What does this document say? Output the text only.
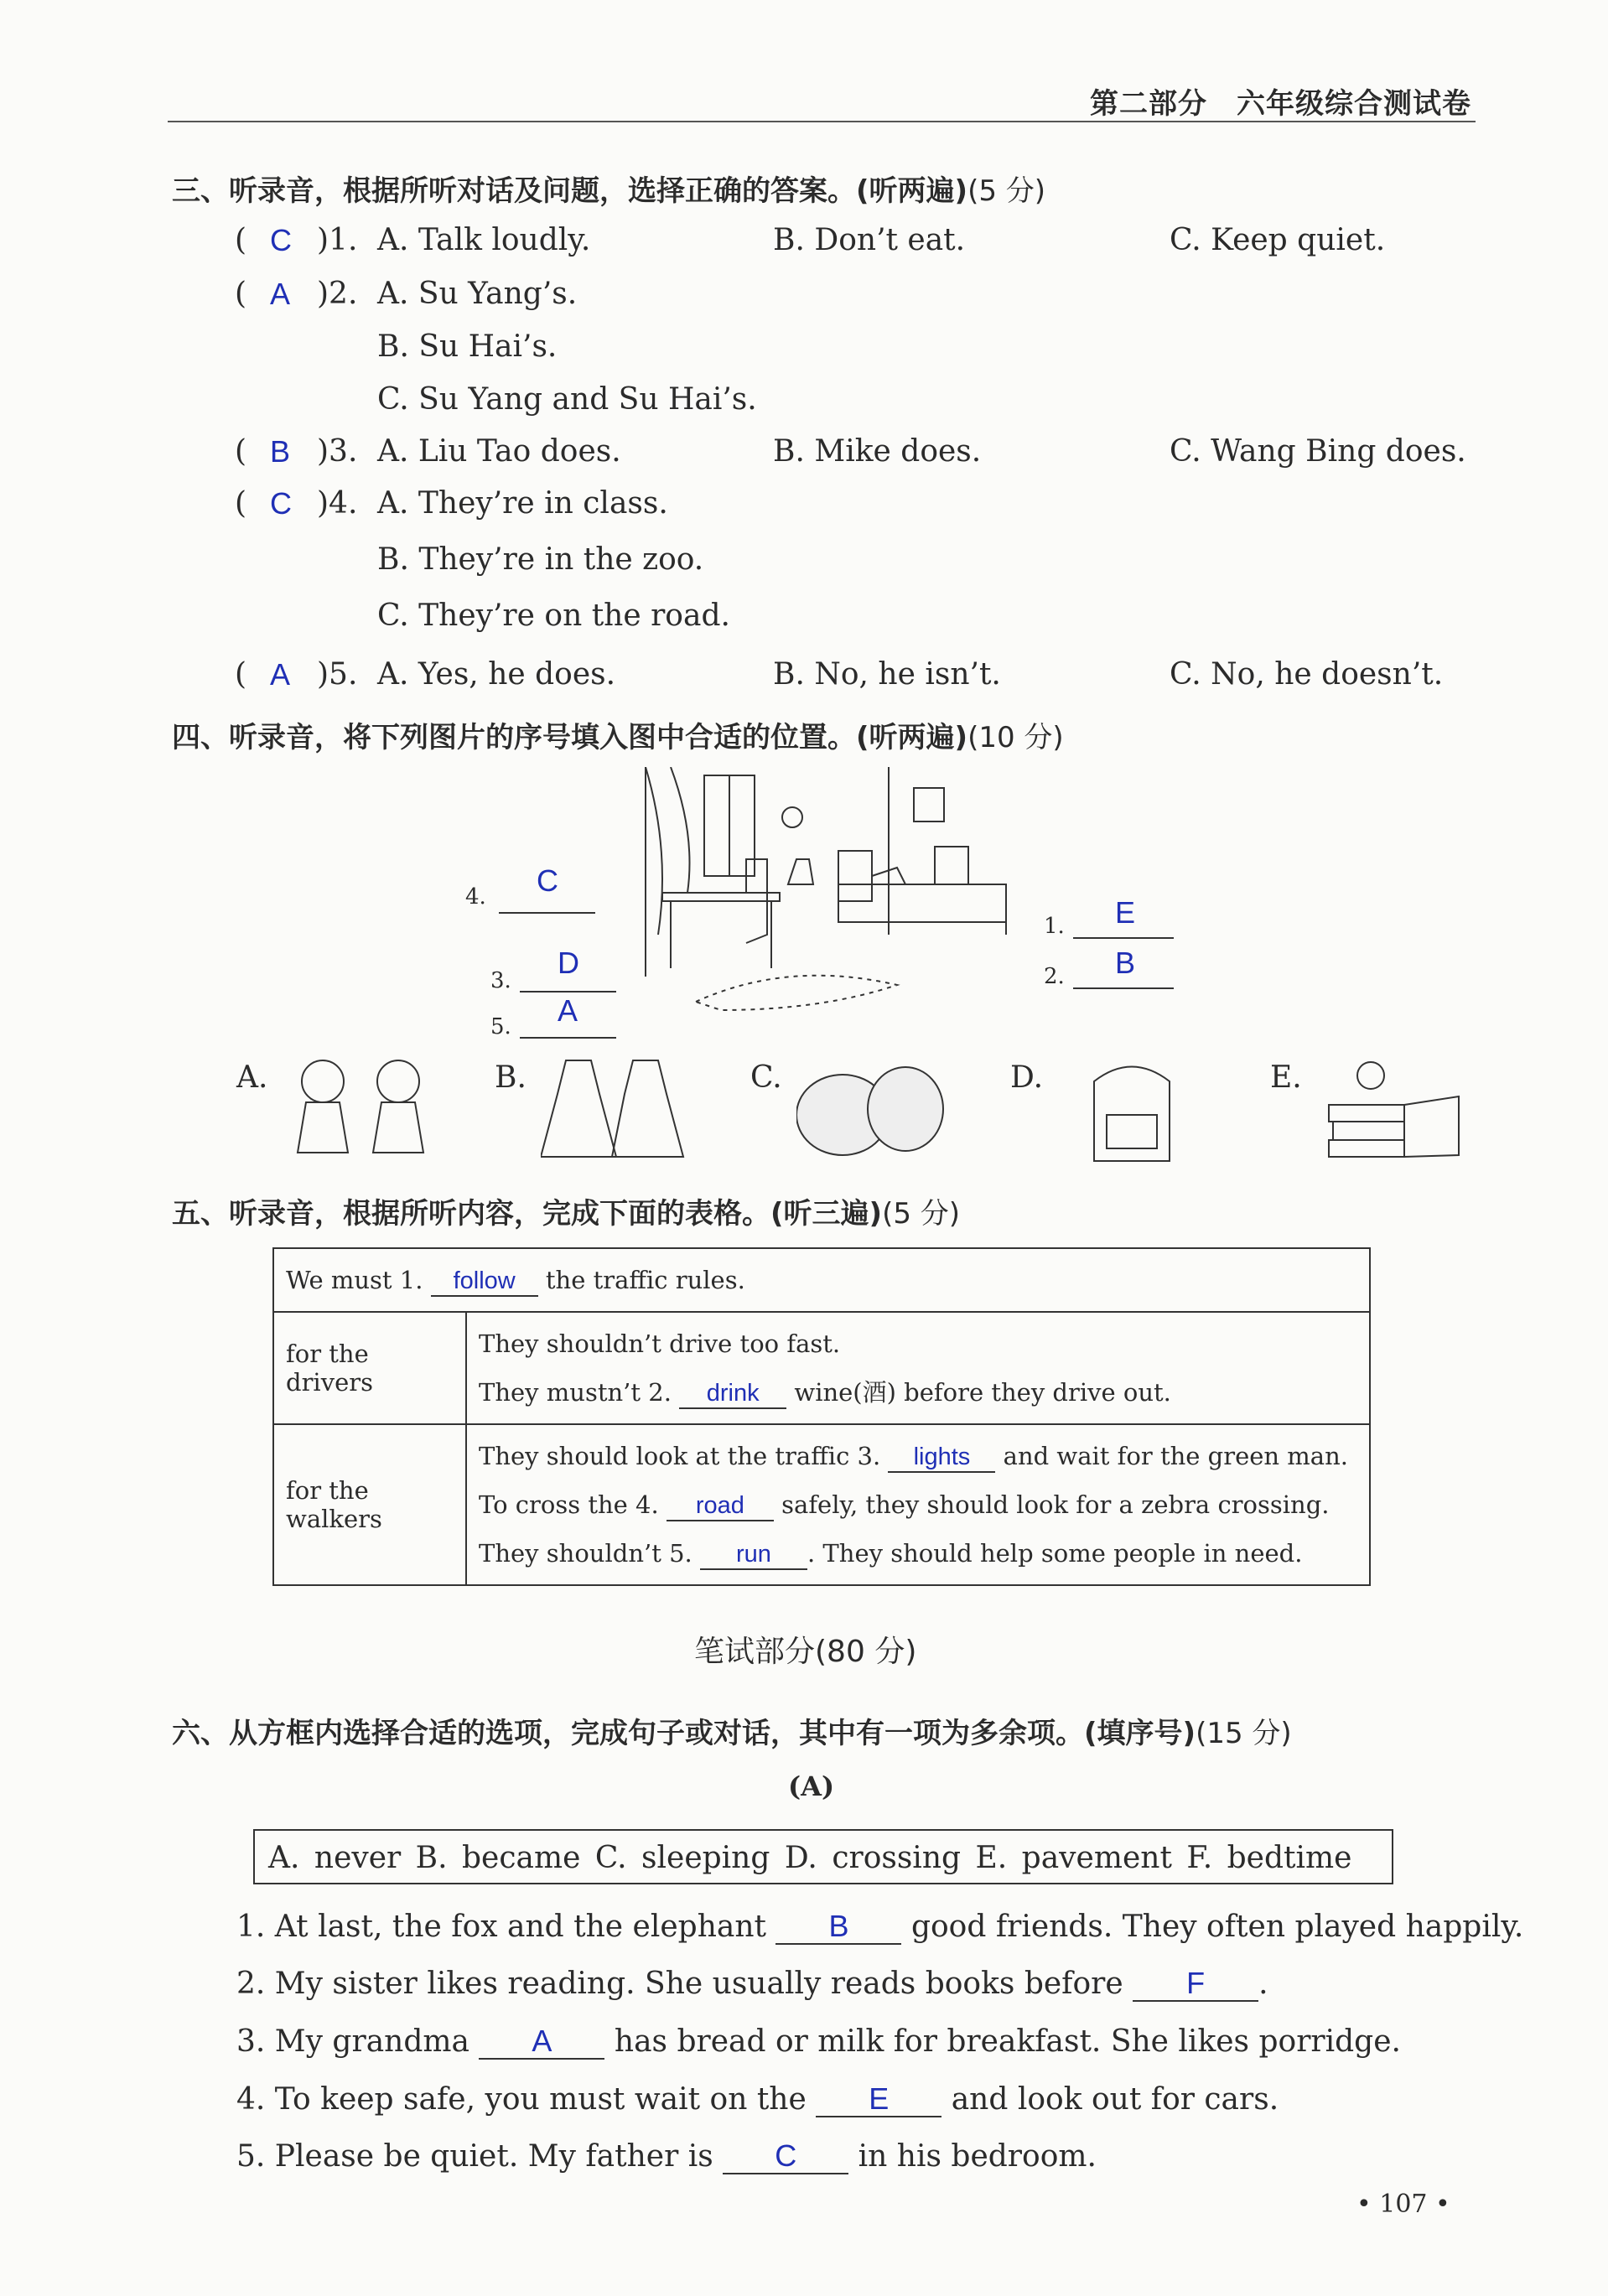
第二部分　六年级综合测试卷
三、听录音，根据所听对话及问题，选择正确的答案。(听两遍)(5 分)
( C )1. A. Talk loudly.	B. Don’t eat.	C. Keep quiet.
( A )2. A. Su Yang’s.
B. Su Hai’s.
C. Su Yang and Su Hai’s.
( B )3. A. Liu Tao does.	B. Mike does.	C. Wang Bing does.
( C )4. A. They’re in class.
B. They’re in the zoo.
C. They’re on the road.
( A )5. A. Yes, he does.	B. No, he isn’t.	C. No, he doesn’t.
四、听录音，将下列图片的序号填入图中合适的位置。(听两遍)(10 分)
4. C
3.
D
5. A
1. E
2. B
A.	B.	C.	D.	E.
五、听录音，根据所听内容，完成下面的表格。(听三遍)(5 分)
We must 1. follow the traffic rules.	
for the drivers	They shouldn’t drive too fast.
They mustn’t 2. drink wine(酒) before they drive out.

for the walkers	They should look at the traffic 3. lights and wait for the green man.
To cross the 4. road safely, they should look for a zebra crossing.
They shouldn’t 5. run . They should help some people in need.
笔试部分(80 分)
六、从方框内选择合适的选项，完成句子或对话，其中有一项为多余项。(填序号)(15 分)
(A)
A. never B. became C. sleeping D. crossing E. pavement F. bedtime
1. At last, the fox and the elephant B good friends. They often played happily.
2. My sister likes reading. She usually reads books before F .
3. My grandma A has bread or milk for breakfast. She likes porridge.
4. To keep safe, you must wait on the E and look out for cars.
5. Please be quiet. My father is C in his bedroom.
• 107 •
